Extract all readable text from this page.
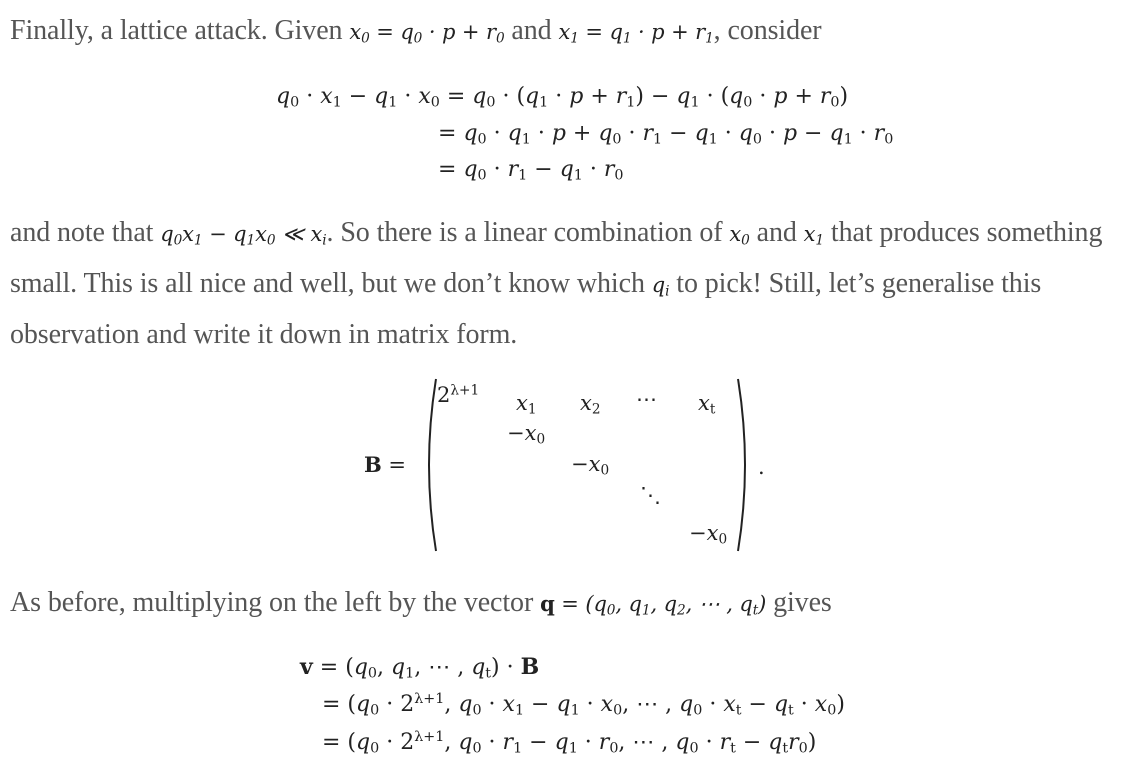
Finally, a lattice attack. Given $x_0 = q_0 \cdot p + r_0$ and $x_1 = q_1 \cdot p + r_1$, consider
$q_0 \cdot x_1 - q_1 \cdot x_0 = q_0 \cdot (q_1 \cdot p + r_1) - q_1 \cdot (q_0 \cdot p + r_0)$
= $q_0 \cdot q_1 \cdot p + q_0 \cdot r_1 - q_1 \cdot q_0 \cdot p - q_1 \cdot r_0$
= $q_0 \cdot r_1 - q_1 \cdot r_0$
and note that $q_0x_1 - q_1x_0$ ≪ $x_i$. So there is a linear combination of $x_0$ and $x_1$ that produces something small. This is all nice and well, but we don’t know which $q_i$ to pick! Still, let’s generalise this observation and write it down in matrix form.
B =
$2^{\lambda+1}$
$x_1$ $x_2$ ⋯ $x_t$
$-x_0$
$-x_0$
⋱
$-x_0$
.
As before, multiplying on the left by the vector $q = (q_0$, $q_1$, $q_2$, ⋯ , $q_t$) gives
$v = (q_0$, $q_1$, ⋯ , $q_t) \cdot B$
= ($q_0 \cdot 2^{\lambda+1}$, $q_0 \cdot x_1 - q_1 \cdot x_0$, ⋯ , $q_0 \cdot x_t - q_t \cdot x_0$)
= ($q_0 \cdot 2^{\lambda+1}$, $q_0 \cdot r_1 - q_1 \cdot r_0$, ⋯ , $q_0 \cdot r_t - q_tr_0$)
